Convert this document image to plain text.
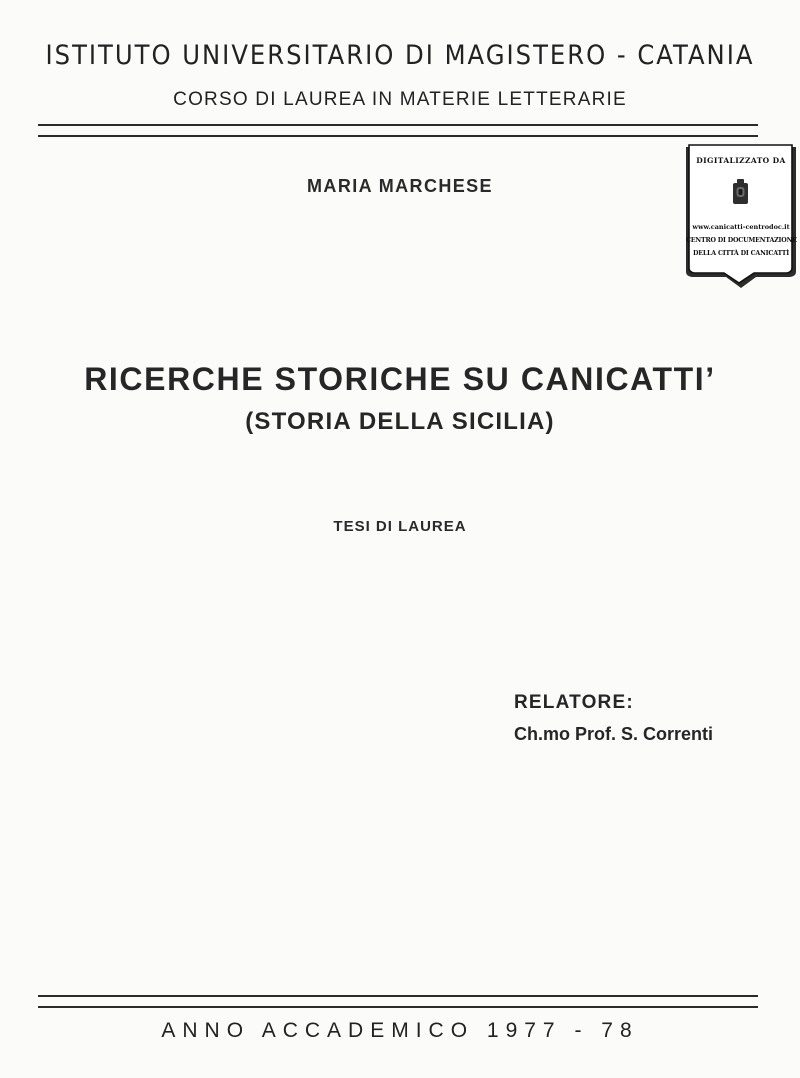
ISTITUTO UNIVERSITARIO DI MAGISTERO - CATANIA
CORSO DI LAUREA IN MATERIE LETTERARIE
MARIA MARCHESE
DIGITALIZZATO DA
www.canicatti-centrodoc.it
CENTRO DI DOCUMENTAZIONE
DELLA CITTÀ DI CANICATTÌ
RICERCHE STORICHE SU CANICATTI’
(STORIA DELLA SICILIA)
TESI DI LAUREA
RELATORE:
Ch.mo Prof. S. Correnti
ANNO ACCADEMICO 1977 - 78
